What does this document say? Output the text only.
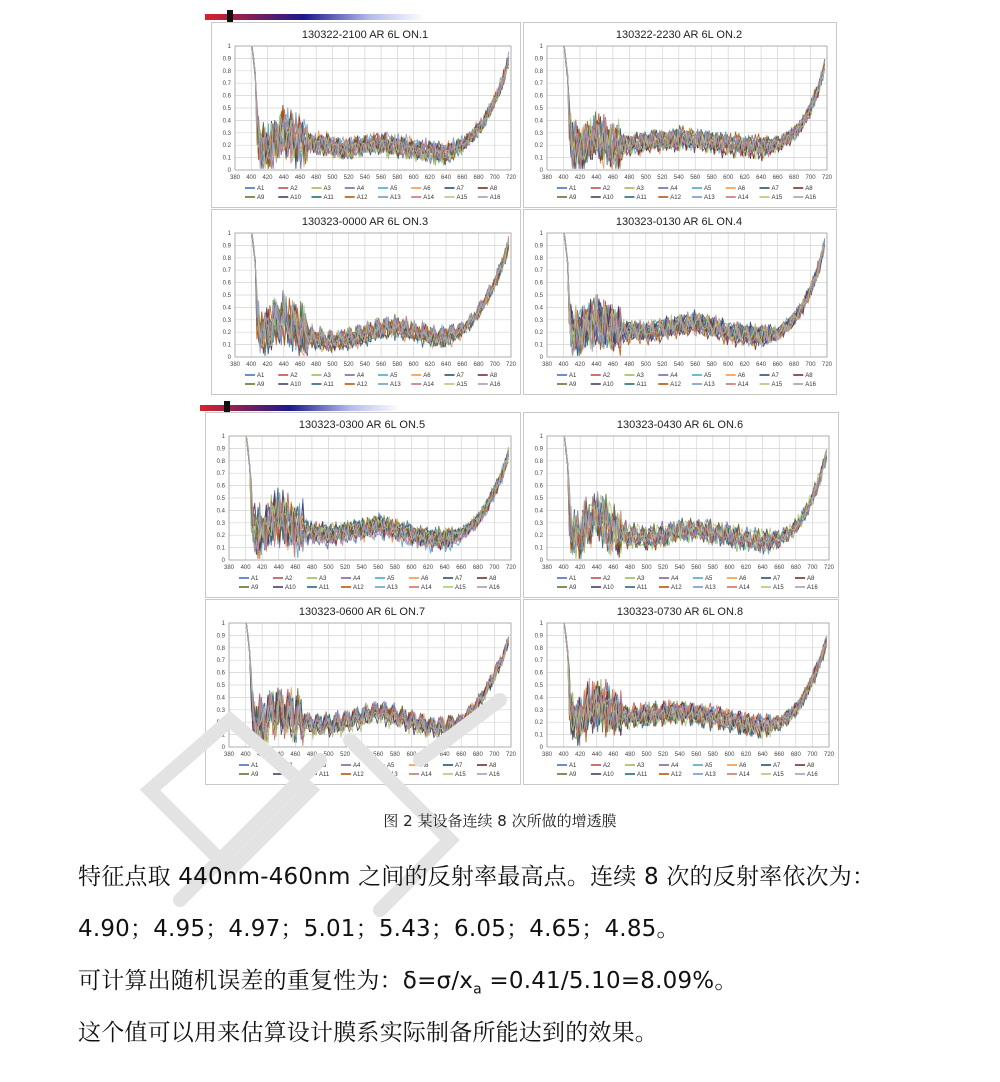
130322-2100 AR 6L ON.1
0
0.1
0.2
0.3
0.4
0.5
0.6
0.7
0.8
0.9
1
380 400 420 440 460 480 500 520 540 560 580 600 620 640 660 680 700 720
A1	A2	A3	A4	A5	A6	A7	A8
A9	A10	A11	A12	A13	A14	A15	A16
130322-2230 AR 6L ON.2
0
0.1
0.2
0.3
0.4
0.5
0.6
0.7
0.8
0.9
1
380 400 420 440 460 480 500 520 540 560 580 600 620 640 660 680 700 720
A1	A2	A3	A4	A5	A6	A7	A8
A9	A10	A11	A12	A13	A14	A15	A16
130323-0000 AR 6L ON.3
0
0.1
0.2
0.3
0.4
0.5
0.6
0.7
0.8
0.9
1
380 400 420 440 460 480 500 520 540 560 580 600 620 640 660 680 700 720
A1	A2	A3	A4	A5	A6	A7	A8
A9	A10	A11	A12	A13	A14	A15	A16
130323-0130 AR 6L ON.4
0
0.1
0.2
0.3
0.4
0.5
0.6
0.7
0.8
0.9
1
380 400 420 440 460 480 500 520 540 560 580 600 620 640 660 680 700 720
A1	A2	A3	A4	A5	A6	A7	A8
A9	A10	A11	A12	A13	A14	A15	A16
130323-0300 AR 6L ON.5
0
0.1
0.2
0.3
0.4
0.5
0.6
0.7
0.8
0.9
1
380 400 420 440 460 480 500 520 540 560 580 600 620 640 660 680 700 720
A1	A2	A3	A4	A5	A6	A7	A8
A9	A10	A11	A12	A13	A14	A15	A16
130323-0430 AR 6L ON.6
0
0.1
0.2
0.3
0.4
0.5
0.6
0.7
0.8
0.9
1
380 400 420 440 460 480 500 520 540 560 580 600 620 640 660 680 700 720
A1	A2	A3	A4	A5	A6	A7	A8
A9	A10	A11	A12	A13	A14	A15	A16
130323-0600 AR 6L ON.7
0
0.1
0.2
0.3
0.4
0.5
0.6
0.7
0.8
0.9
1
380 400 420 440 460 480 500 520 540 560 580 600 620 640 660 680 700 720
A1	A2	A3	A4	A5	A6	A7	A8
A9	A10	A11	A12	A13	A14	A15	A16
130323-0730 AR 6L ON.8
0
0.1
0.2
0.3
0.4
0.5
0.6
0.7
0.8
0.9
1
380 400 420 440 460 480 500 520 540 560 580 600 620 640 660 680 700 720
A1	A2	A3	A4	A5	A6	A7	A8
A9	A10	A11	A12	A13	A14	A15	A16
图 2 某设备连续 8 次所做的增透膜
特征点取 440nm-460nm 之间的反射率最高点。连续 8 次的反射率依次为：
4.90；4.95；4.97；5.01；5.43；6.05；4.65；4.85。
可计算出随机误差的重复性为：$\delta=\sigma/x_a =0.41/5.10=8.09\%$。
这个值可以用来估算设计膜系实际制备所能达到的效果。
